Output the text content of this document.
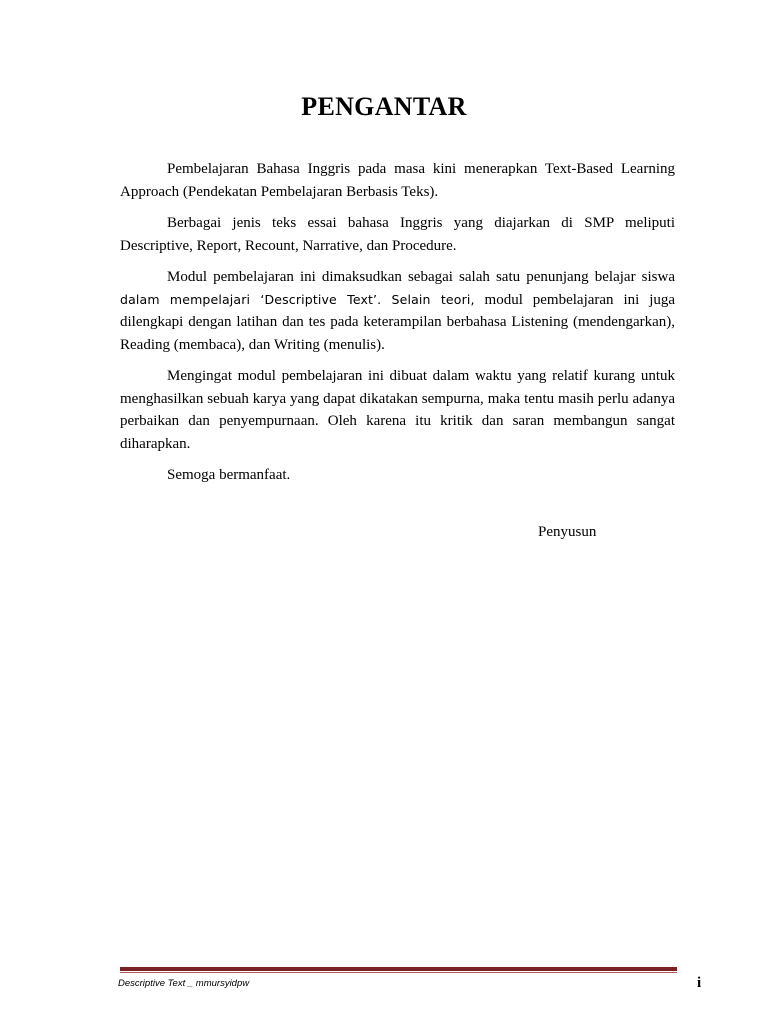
PENGANTAR

Pembelajaran Bahasa Inggris pada masa kini menerapkan Text-Based Learning Approach (Pendekatan Pembelajaran Berbasis Teks).

Berbagai jenis teks essai bahasa Inggris yang diajarkan di SMP meliputi Descriptive, Report, Recount, Narrative, dan Procedure.

Modul pembelajaran ini dimaksudkan sebagai salah satu penunjang belajar siswa dalam mempelajari ‘Descriptive Text’. Selain teori, modul pembelajaran ini juga dilengkapi dengan latihan dan tes pada keterampilan berbahasa Listening (mendengarkan), Reading (membaca), dan Writing (menulis).

Mengingat modul pembelajaran ini dibuat dalam waktu yang relatif kurang untuk menghasilkan sebuah karya yang dapat dikatakan sempurna, maka tentu masih perlu adanya perbaikan dan penyempurnaan. Oleh karena itu kritik dan saran membangun sangat diharapkan.

Semoga bermanfaat.

Penyusun
Descriptive Text _ mmursyidpw	i
